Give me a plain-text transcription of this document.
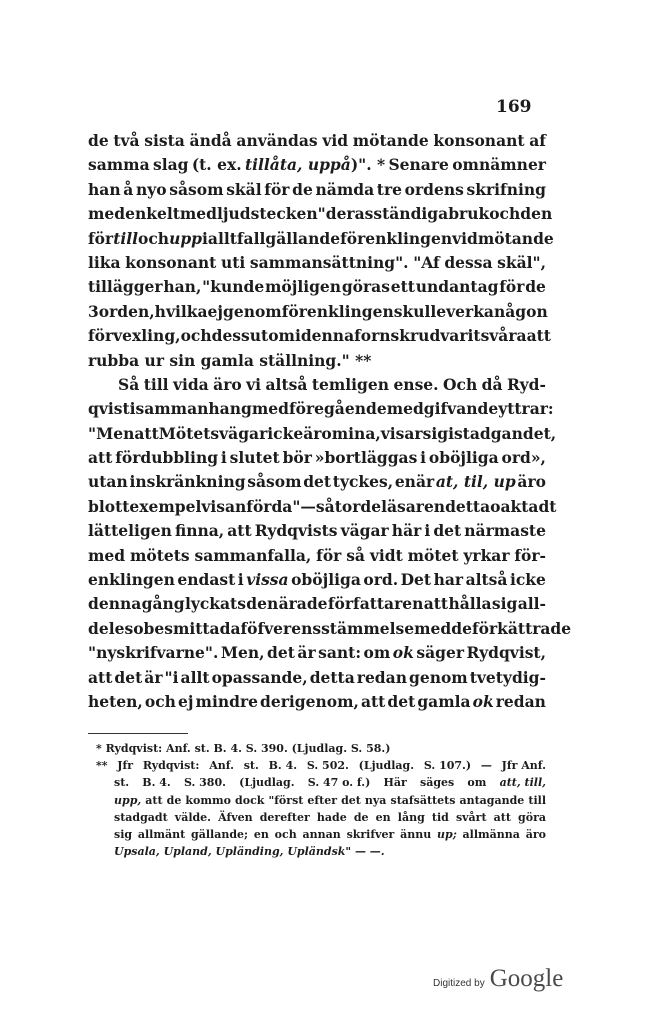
169
de två sista ändå användas vid mötande konsonant af
samma slag (t. ex. tillåta, uppå)". * Senare omnämner
han å nyo såsom skäl för de nämda tre ordens skrifning
med enkelt medljudstecken "deras ständiga bruk och den
för till och upp i allt fall gällande förenklingen vid mötande
lika konsonant uti sammansättning". "Af dessa skäl",
tillägger han, "kunde möjligen göras ett undantag för de
3 orden, hvilka ej genom förenklingen skulle verka någon
förvexling, och dessutom i denna fornskrud varit svåra att
rubba ur sin gamla ställning." **
Så till vida äro vi altså temligen ense. Och då Ryd-
qvist i sammanhang med föregående medgifvande yttrar:
"Men att Mötets vägar icke äro mina, visar sig i stadgandet,
att fördubbling i slutet bör »bortläggas i oböjliga ord»,
utan inskränkning såsom det tyckes, enär at, til, up äro
blott exempelvis anförda" — så torde läsaren detta oaktadt
lätteligen finna, att Rydqvists vägar här i det närmaste
med mötets sammanfalla, för så vidt mötet yrkar för-
enklingen endast i vissa oböjliga ord. Det har altså icke
denna gång lyckats den ärade författaren att hålla sig all-
deles obesmittad af öfverensstämmelse med de förkättrade
"nyskrifvarne". Men, det är sant: om ok säger Rydqvist,
att det är "i allt opassande, detta redan genom tvetydig-
heten, och ej mindre derigenom, att det gamla ok redan
* Rydqvist: Anf. st. B. 4. S. 390. (Ljudlag. S. 58.)
** Jfr Rydqvist: Anf. st. B. 4. S. 502. (Ljudlag. S. 107.) — Jfr Anf.
st. B. 4. S. 380. (Ljudlag. S. 47 o. f.) Här säges om att, till,
upp, att de kommo dock "först efter det nya stafsättets antagande till
stadgadt välde. Äfven derefter hade de en lång tid svårt att göra
sig allmänt gällande; en och annan skrifver ännu up; allmänna äro
Upsala, Upland, Upländing, Upländsk" — —.
Digitized by Google
